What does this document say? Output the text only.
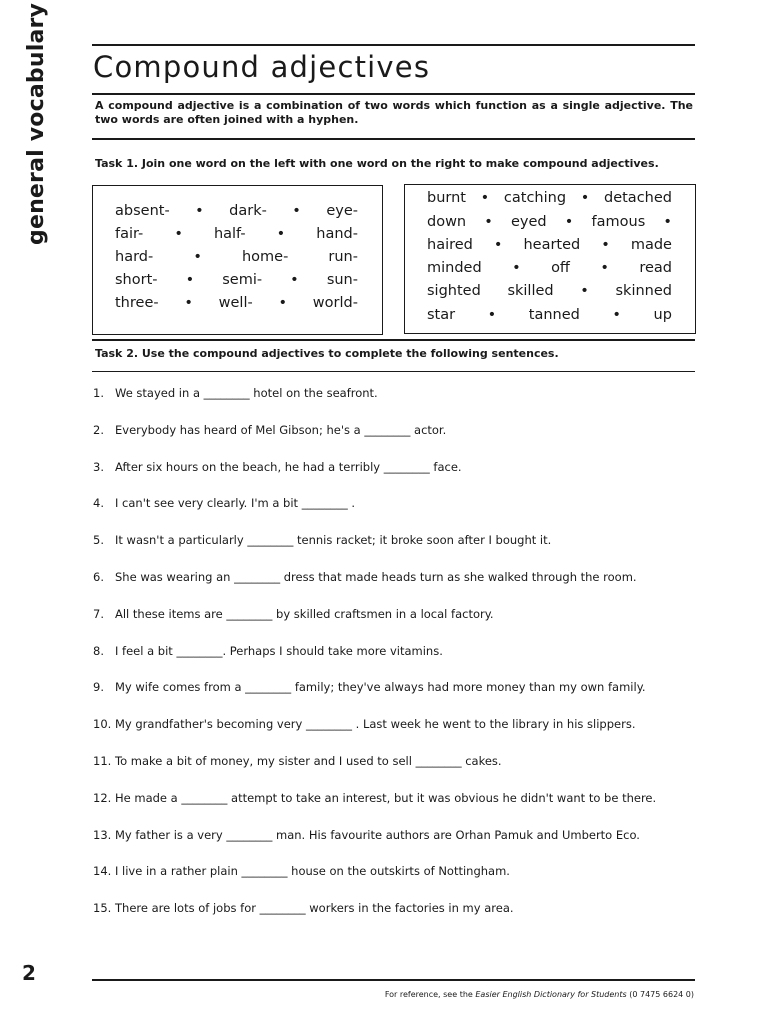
general vocabulary Compound adjectives

A compound adjective is a combination of two words which function as a single adjective. The two words are often joined with a hyphen.

Task 1. Join one word on the left with one word on the right to make compound adjectives.

absent- • dark- • eye-
fair- • half- • hand-
hard-	•	home-	run-
short- • semi- • sun-
three- • well- • world-
burnt • catching • detached
down • eyed • famous •
haired • hearted • made
minded • off • read
sighted skilled • skinned
star • tanned • up

Task 2. Use the compound adjectives to complete the following sentences.

1. We stayed in a ________ hotel on the seafront.
2. Everybody has heard of Mel Gibson; he's a ________ actor.
3. After six hours on the beach, he had a terribly ________ face.
4. I can't see very clearly. I'm a bit ________ .
5. It wasn't a particularly ________ tennis racket; it broke soon after I bought it.
6. She was wearing an ________ dress that made heads turn as she walked through the room.
7. All these items are ________ by skilled craftsmen in a local factory.
8. I feel a bit ________. Perhaps I should take more vitamins.
9. My wife comes from a ________ family; they've always had more money than my own family.
10. My grandfather's becoming very ________ . Last week he went to the library in his slippers.
11. To make a bit of money, my sister and I used to sell ________ cakes.
12. He made a ________ attempt to take an interest, but it was obvious he didn't want to be there.
13. My father is a very ________ man. His favourite authors are Orhan Pamuk and Umberto Eco.
14. I live in a rather plain ________ house on the outskirts of Nottingham.
15. There are lots of jobs for ________ workers in the factories in my area.
2
For reference, see the Easier English Dictionary for Students (0 7475 6624 0)
